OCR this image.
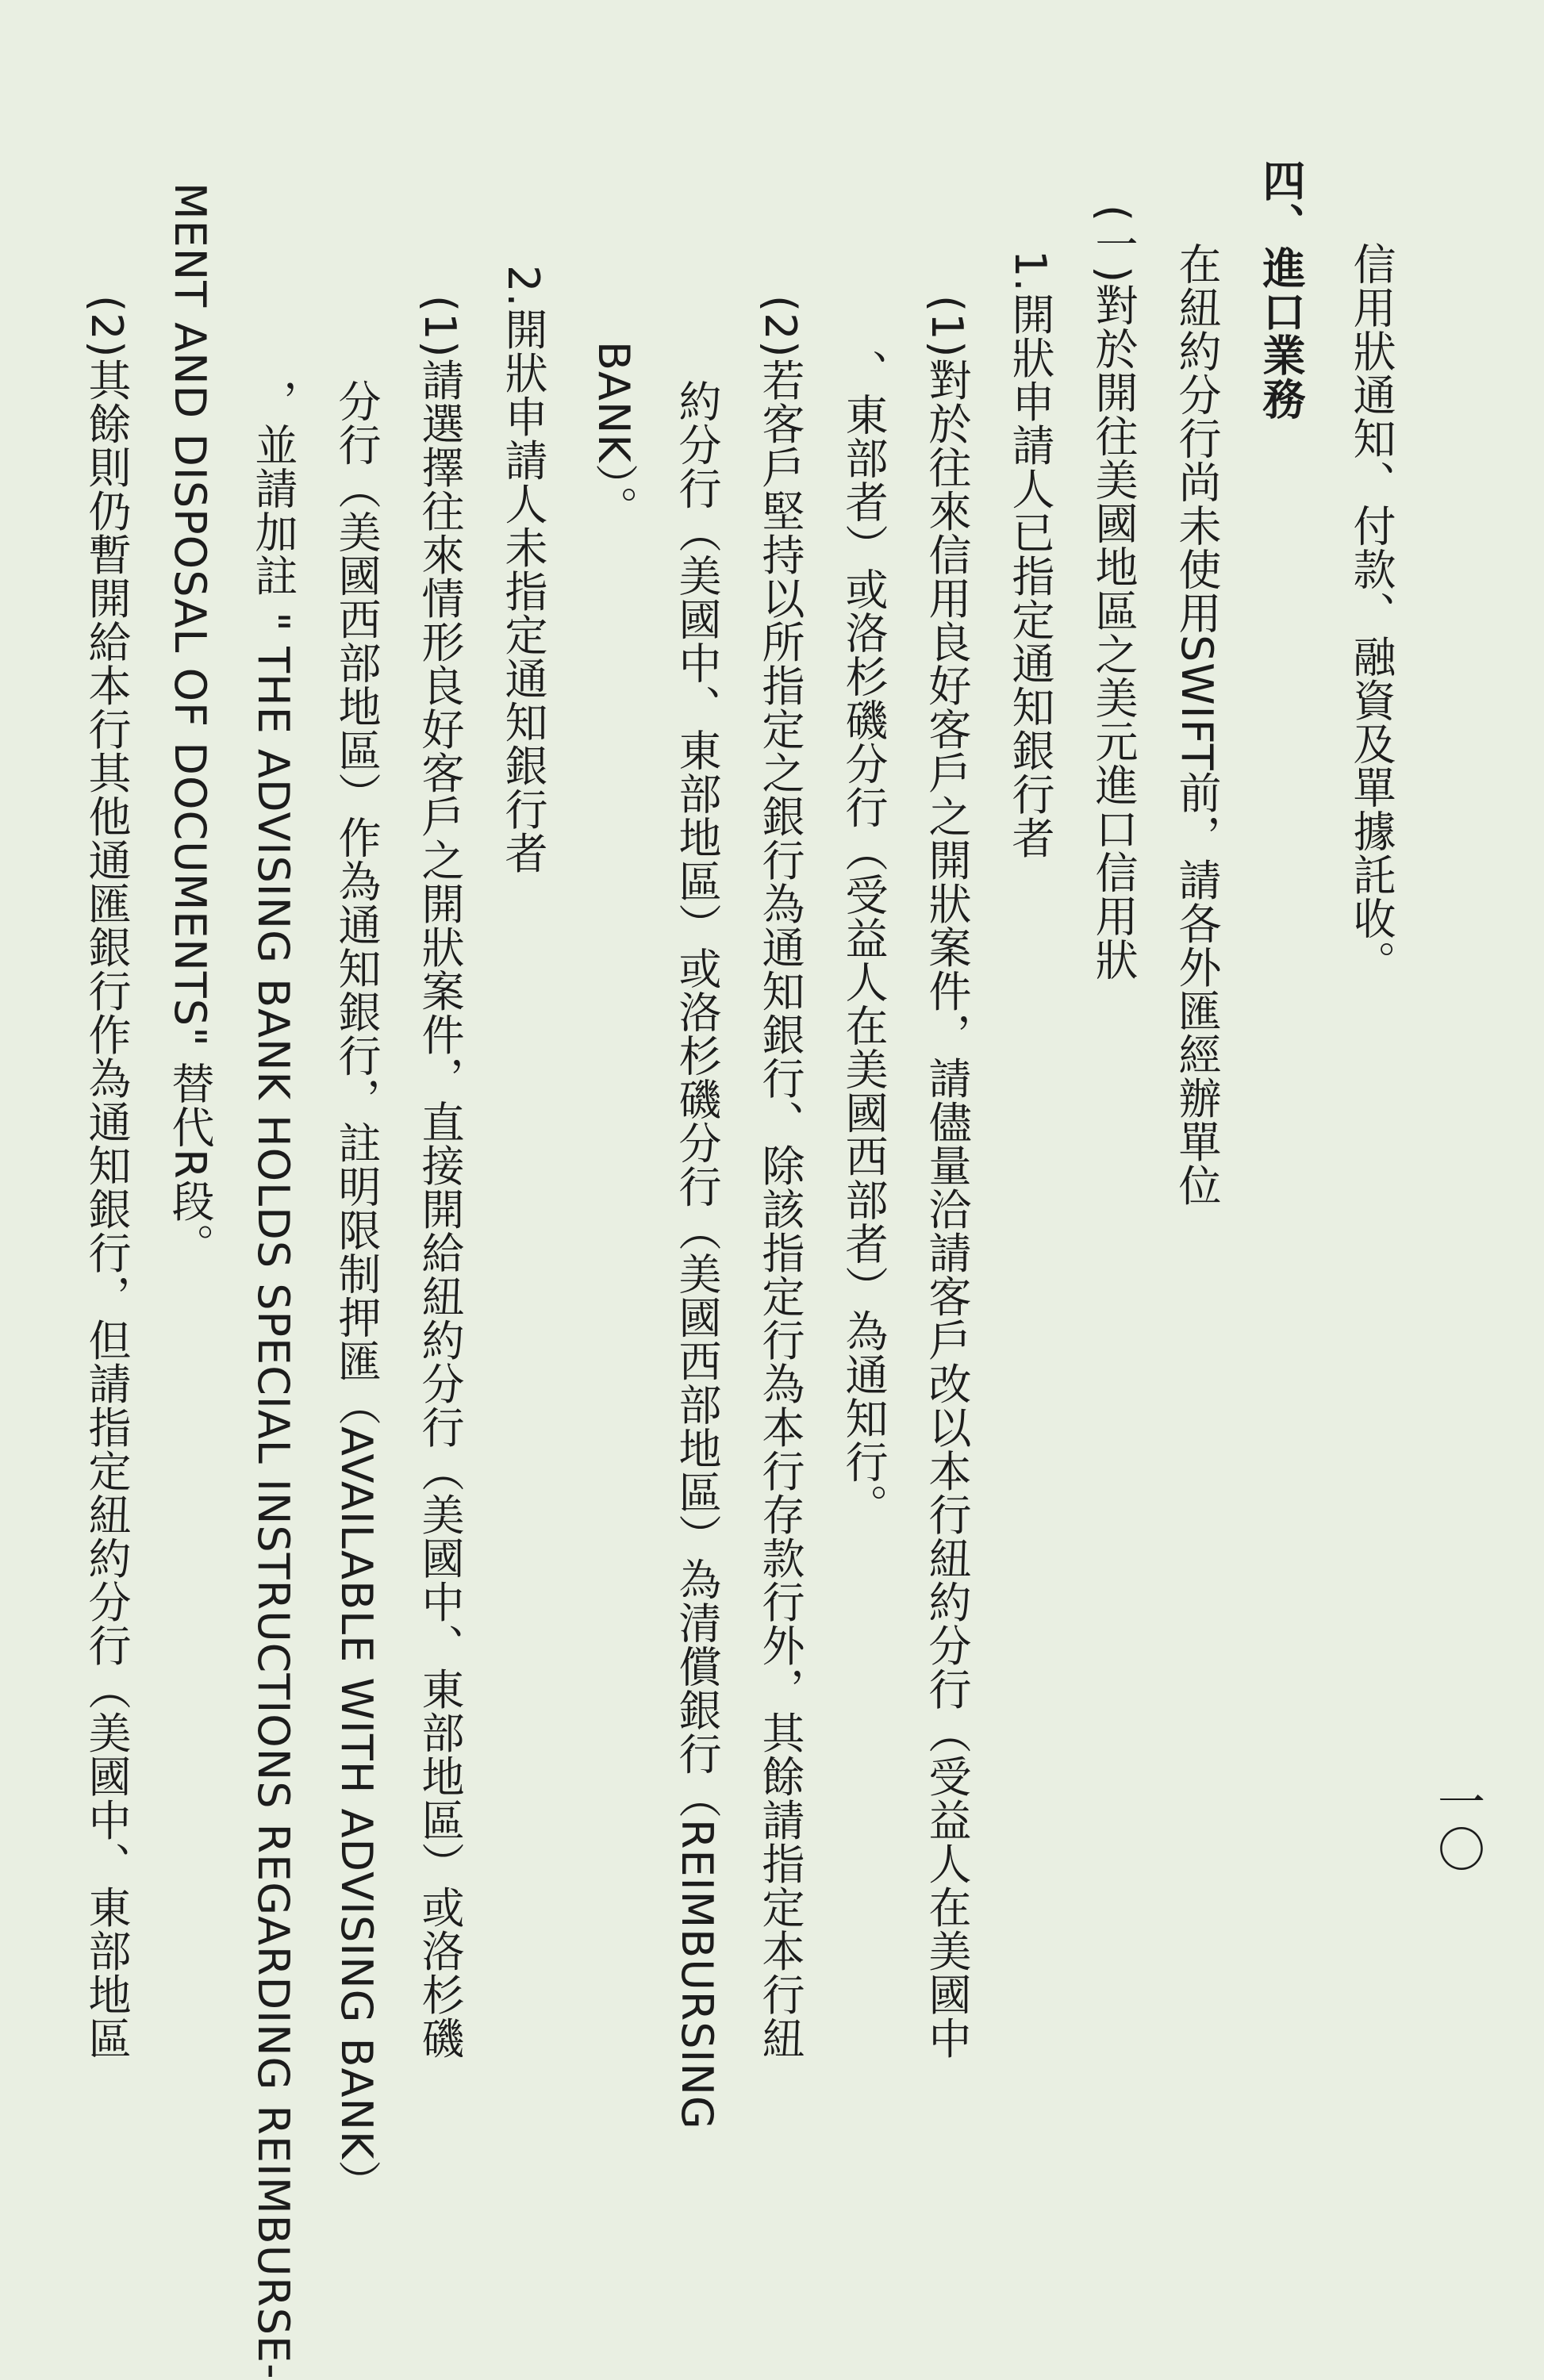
信用狀通知、付款、融資及單據託收。
四、進口業務
在紐約分行尚未使用SWIFT前，請各外匯經辦單位
(一)對於開往美國地區之美元進口信用狀
1.開狀申請人已指定通知銀行者
(1)對於往來信用良好客戶之開狀案件，請儘量洽請客戶改以本行紐約分行（受益人在美國中
、東部者）或洛杉磯分行（受益人在美國西部者）為通知行。
(2)若客戶堅持以所指定之銀行為通知銀行、除該指定行為本行存款行外，其餘請指定本行紐
約分行（美國中、東部地區）或洛杉磯分行（美國西部地區）為清償銀行（REIMBURSING
BANK）。
2.開狀申請人未指定通知銀行者
(1)請選擇往來情形良好客戶之開狀案件，直接開給紐約分行（美國中、東部地區）或洛杉磯
分行（美國西部地區）作為通知銀行，註明限制押匯（AVAILABLE WITH ADVISING BANK）
，並請加註 " THE ADVISING BANK HOLDS SPECIAL INSTRUCTIONS REGARDING REIMBURSE-
MENT AND DISPOSAL OF DOCUMENTS" 替代R段。
(2)其餘則仍暫開給本行其他通匯銀行作為通知銀行，但請指定紐約分行（美國中、東部地區	一〇
